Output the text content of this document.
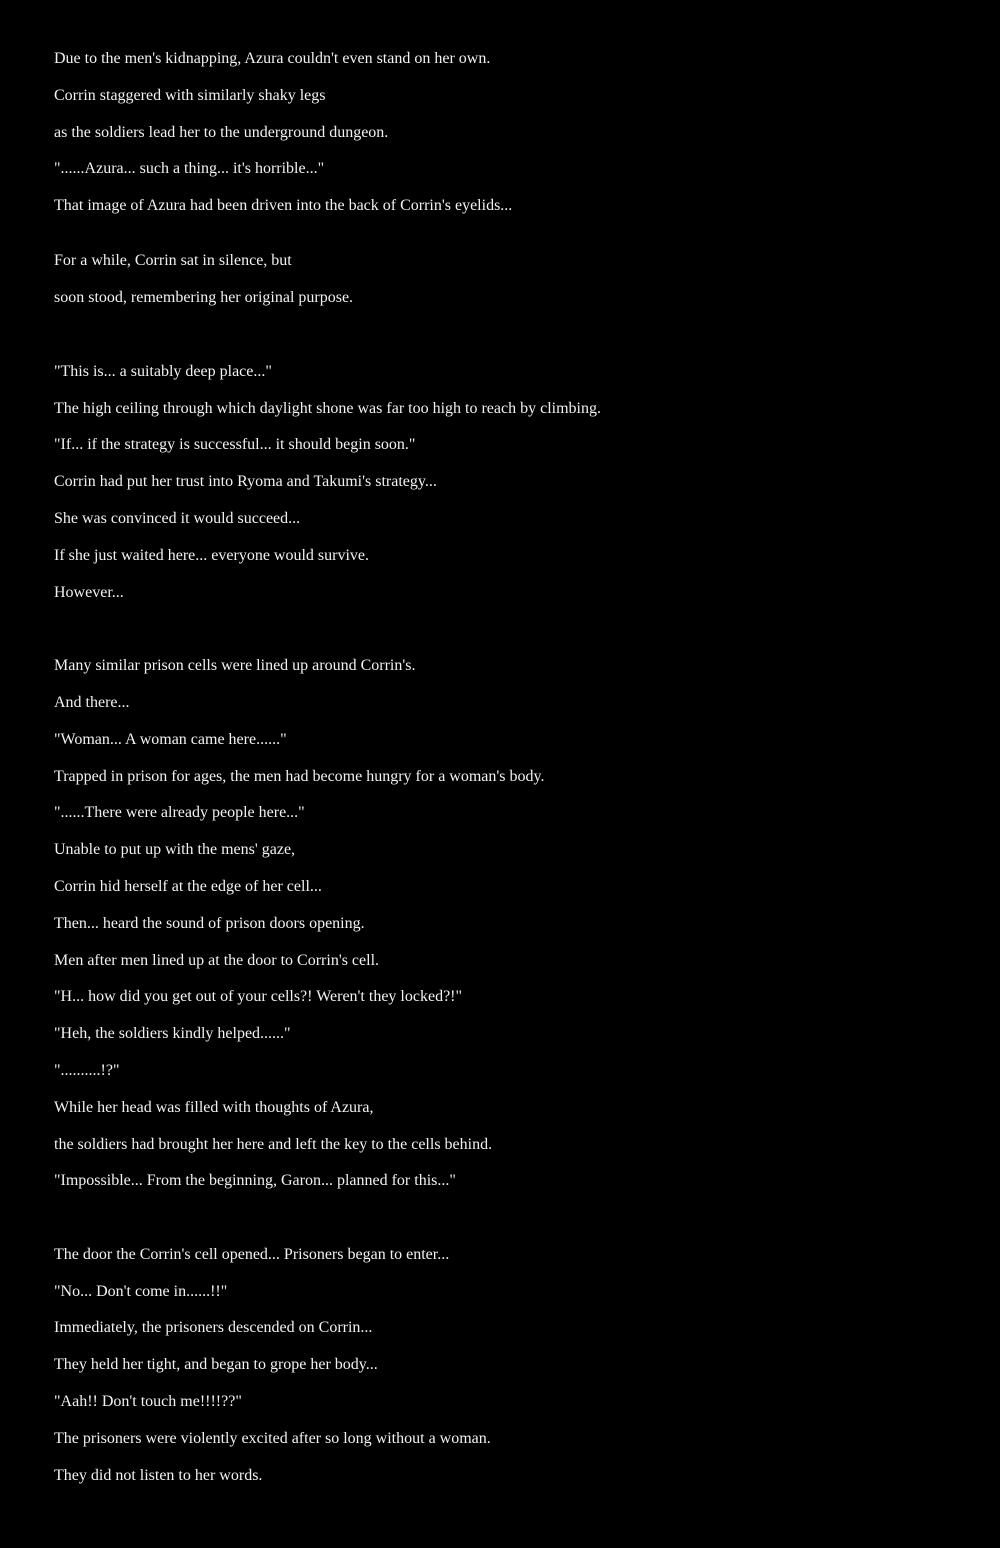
Due to the men's kidnapping, Azura couldn't even stand on her own.
Corrin staggered with similarly shaky legs
as the soldiers lead her to the underground dungeon.
"......Azura... such a thing... it's horrible..."
That image of Azura had been driven into the back of Corrin's eyelids...
For a while, Corrin sat in silence, but
soon stood, remembering her original purpose.
"This is... a suitably deep place..."
The high ceiling through which daylight shone was far too high to reach by climbing.
"If... if the strategy is successful... it should begin soon."
Corrin had put her trust into Ryoma and Takumi's strategy...
She was convinced it would succeed...
If she just waited here... everyone would survive.
However...
Many similar prison cells were lined up around Corrin's.
And there...
"Woman... A woman came here......"
Trapped in prison for ages, the men had become hungry for a woman's body.
"......There were already people here..."
Unable to put up with the mens' gaze,
Corrin hid herself at the edge of her cell...
Then... heard the sound of prison doors opening.
Men after men lined up at the door to Corrin's cell.
"H... how did you get out of your cells?! Weren't they locked?!"
"Heh, the soldiers kindly helped......"
"..........!?"
While her head was filled with thoughts of Azura,
the soldiers had brought her here and left the key to the cells behind.
"Impossible... From the beginning, Garon... planned for this..."
The door the Corrin's cell opened... Prisoners began to enter...
"No... Don't come in......!!"
Immediately, the prisoners descended on Corrin...
They held her tight, and began to grope her body...
"Aah!! Don't touch me!!!!??"
The prisoners were violently excited after so long without a woman.
They did not listen to her words.
